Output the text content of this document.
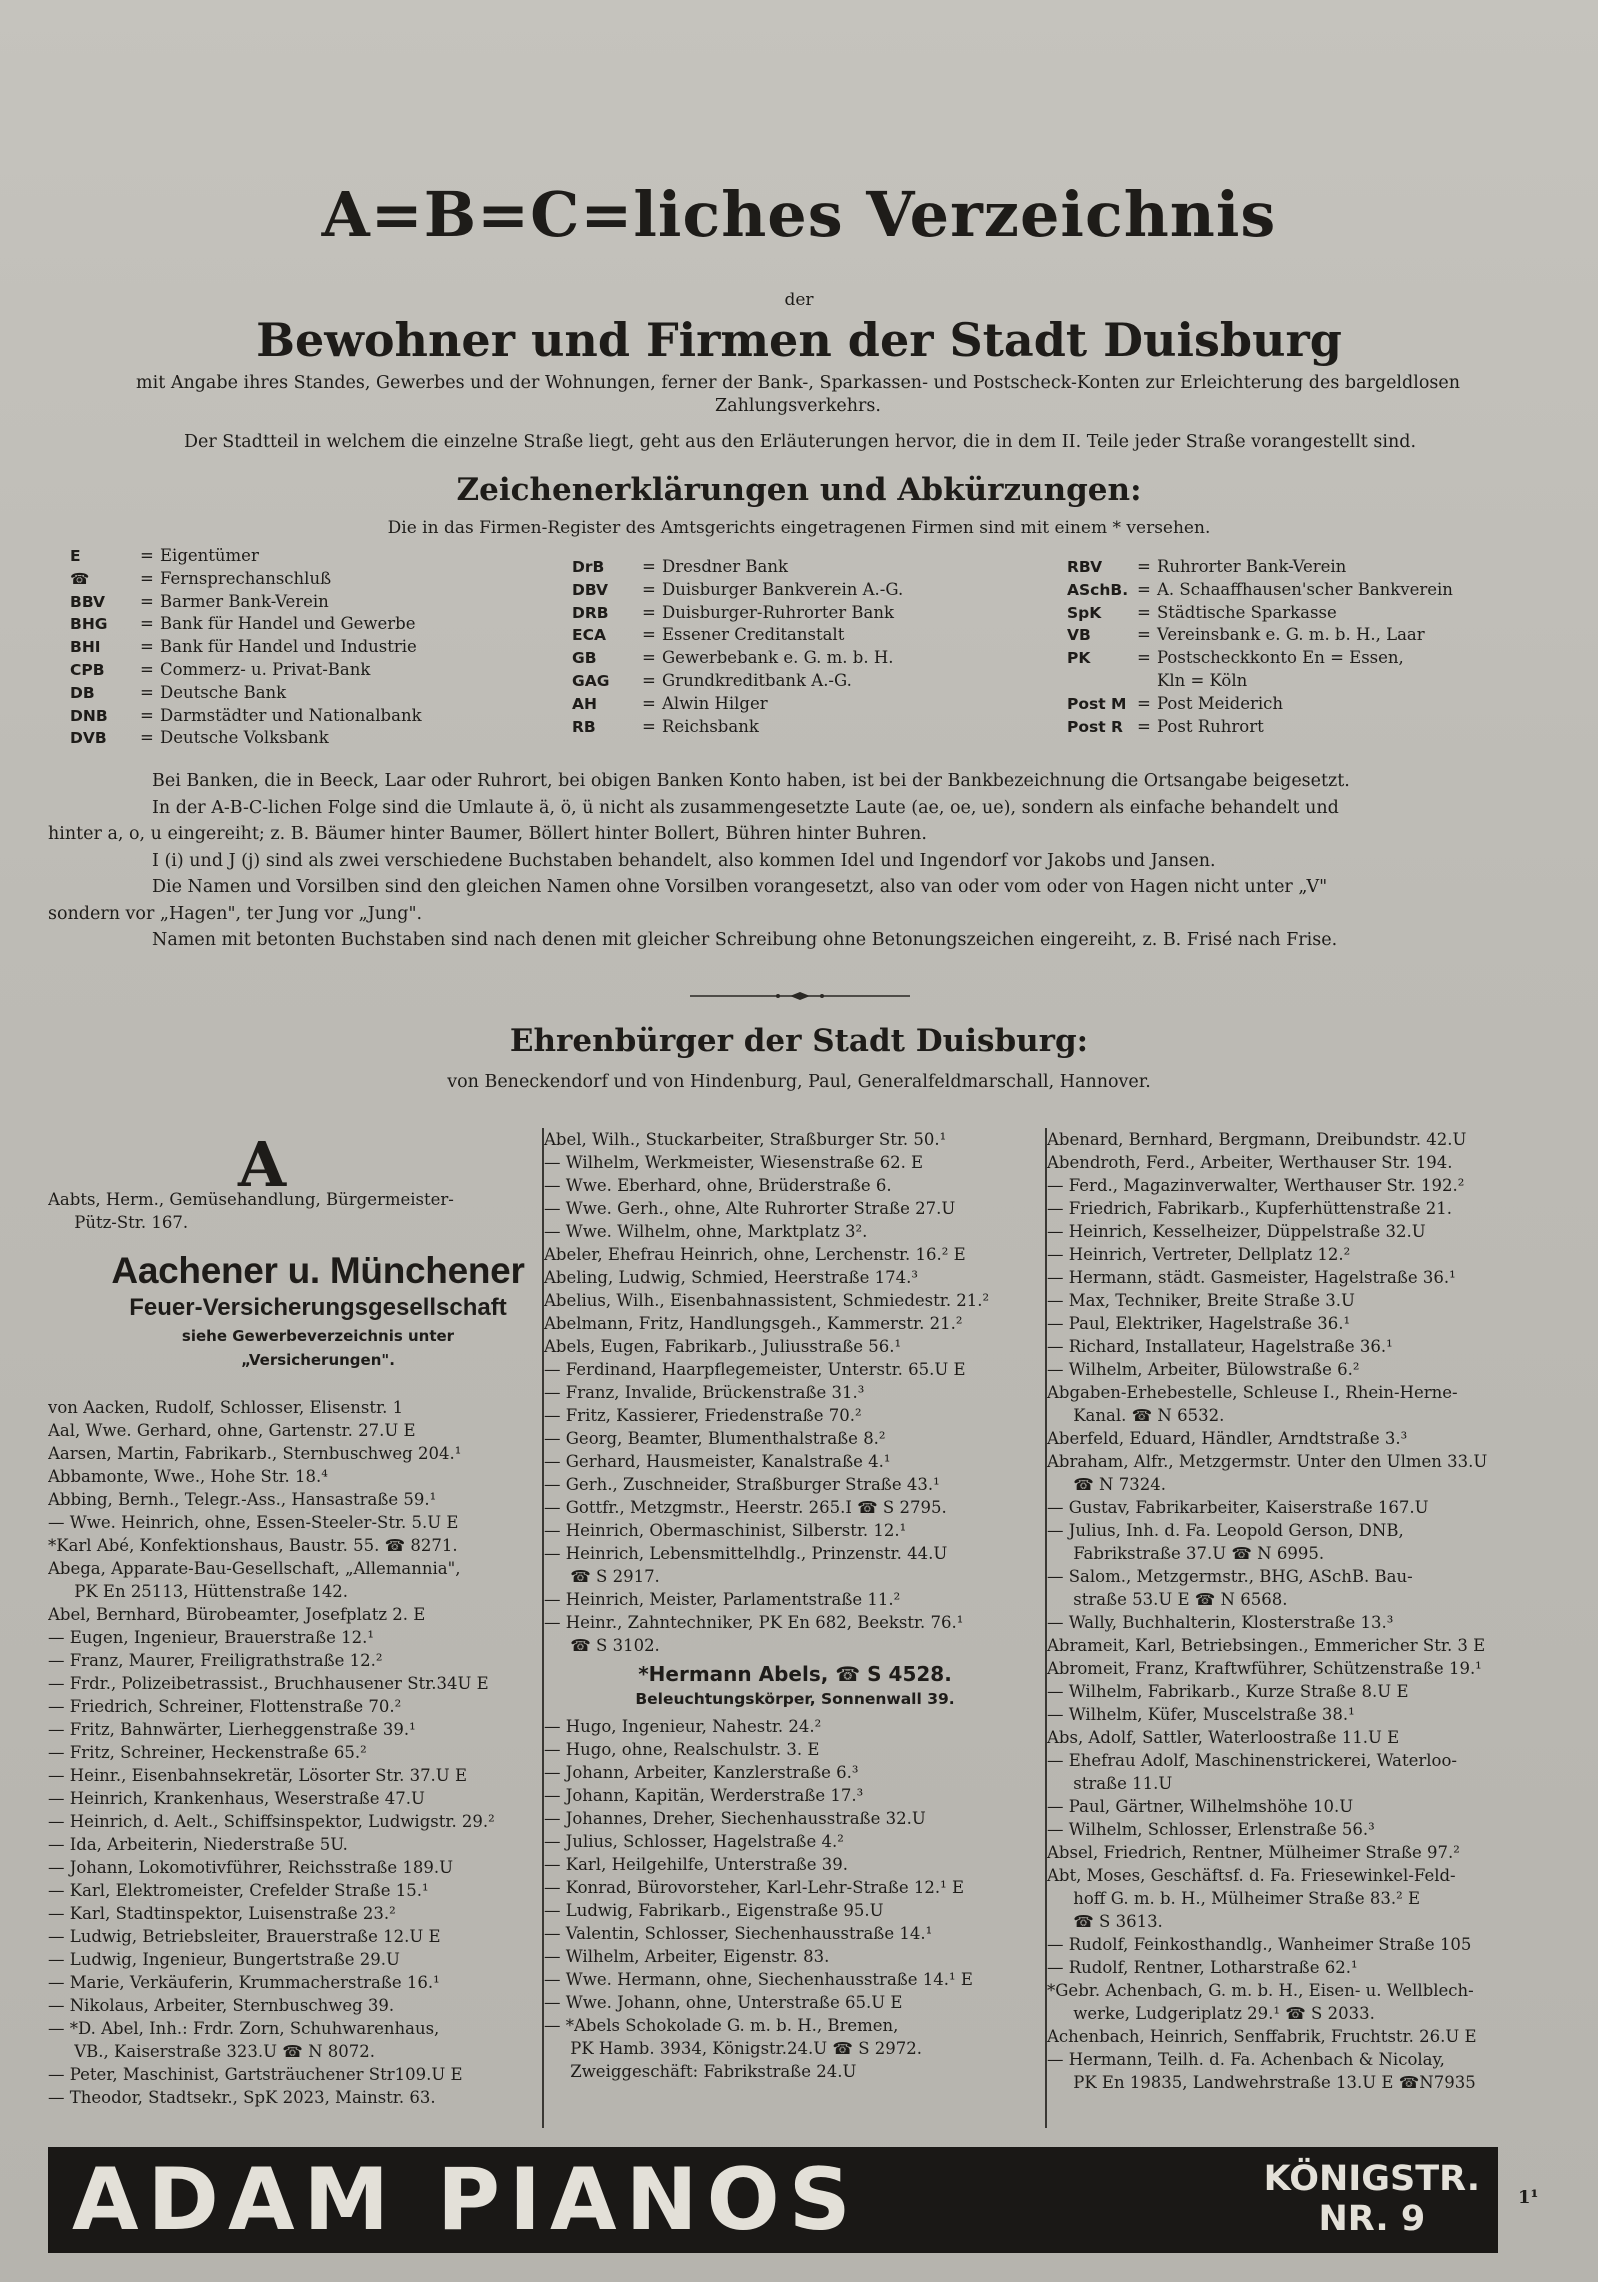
A=B=C=liches Verzeichnis
der
Bewohner und Firmen der Stadt Duisburg
mit Angabe ihres Standes, Gewerbes und der Wohnungen, ferner der Bank-, Sparkassen- und Postscheck-Konten zur Erleichterung des bargeldlosen Zahlungsverkehrs.
Der Stadtteil in welchem die einzelne Straße liegt, geht aus den Erläuterungen hervor, die in dem II. Teile jeder Straße vorangestellt sind.
Zeichenerklärungen und Abkürzungen:
Die in das Firmen-Register des Amtsgerichts eingetragenen Firmen sind mit einem * versehen.
E	= Eigentümer
☎	= Fernsprechanschluß
BBV	= Barmer Bank-Verein
BHG	= Bank für Handel und Gewerbe
BHI	= Bank für Handel und Industrie
CPB	= Commerz- u. Privat-Bank
DB	= Deutsche Bank
DNB	= Darmstädter und Nationalbank
DVB	= Deutsche Volksbank
DrB	= Dresdner Bank
DBV	= Duisburger Bankverein A.-G.
DRB	= Duisburger-Ruhrorter Bank
ECA	= Essener Creditanstalt
GB	= Gewerbebank e. G. m. b. H.
GAG	= Grundkreditbank A.-G.
AH	= Alwin Hilger
RB	= Reichsbank
RBV	= Ruhrorter Bank-Verein
ASchB. = A. Schaaffhausen'scher Bankverein
SpK	= Städtische Sparkasse
VB	= Vereinsbank e. G. m. b. H., Laar
PK	= Postscheckkonto En = Essen,
Kln = Köln
Post M = Post Meiderich
Post R = Post Ruhrort

Bei Banken, die in Beeck, Laar oder Ruhrort, bei obigen Banken Konto haben, ist bei der Bankbezeichnung die Ortsangabe beigesetzt.

In der A-B-C-lichen Folge sind die Umlaute ä, ö, ü nicht als zusammengesetzte Laute (ae, oe, ue), sondern als einfache behandelt und

hinter a, o, u eingereiht; z. B. Bäumer hinter Baumer, Böllert hinter Bollert, Bühren hinter Buhren.

I (i) und J (j) sind als zwei verschiedene Buchstaben behandelt, also kommen Idel und Ingendorf vor Jakobs und Jansen.

Die Namen und Vorsilben sind den gleichen Namen ohne Vorsilben vorangesetzt, also van oder vom oder von Hagen nicht unter „V"

sondern vor „Hagen", ter Jung vor „Jung".

Namen mit betonten Buchstaben sind nach denen mit gleicher Schreibung ohne Betonungszeichen eingereiht, z. B. Frisé nach Frise.

Ehrenbürger der Stadt Duisburg:
von Beneckendorf und von Hindenburg, Paul, Generalfeldmarschall, Hannover.
A
Aabts, Herm., Gemüsehandlung, Bürgermeister-
Pütz-Str. 167.
Aachener u. Münchener
Feuer-Versicherungsgesellschaft
siehe Gewerbeverzeichnis unter
„Versicherungen".
von Aacken, Rudolf, Schlosser, Elisenstr. 1
Aal, Wwe. Gerhard, ohne, Gartenstr. 27.U E
Aarsen, Martin, Fabrikarb., Sternbuschweg 204.¹
Abbamonte, Wwe., Hohe Str. 18.⁴
Abbing, Bernh., Telegr.-Ass., Hansastraße 59.¹
— Wwe. Heinrich, ohne, Essen-Steeler-Str. 5.U E
*Karl Abé, Konfektionshaus, Baustr. 55. ☎ 8271.
Abega, Apparate-Bau-Gesellschaft, „Allemannia",
PK En 25113, Hüttenstraße 142.
Abel, Bernhard, Bürobeamter, Josefplatz 2. E
— Eugen, Ingenieur, Brauerstraße 12.¹
— Franz, Maurer, Freiligrathstraße 12.²
— Frdr., Polizeibetrassist., Bruchhausener Str.34U E
— Friedrich, Schreiner, Flottenstraße 70.²
— Fritz, Bahnwärter, Lierheggenstraße 39.¹
— Fritz, Schreiner, Heckenstraße 65.²
— Heinr., Eisenbahnsekretär, Lösorter Str. 37.U E
— Heinrich, Krankenhaus, Weserstraße 47.U
— Heinrich, d. Aelt., Schiffsinspektor, Ludwigstr. 29.²
— Ida, Arbeiterin, Niederstraße 5U.
— Johann, Lokomotivführer, Reichsstraße 189.U
— Karl, Elektromeister, Crefelder Straße 15.¹
— Karl, Stadtinspektor, Luisenstraße 23.²
— Ludwig, Betriebsleiter, Brauerstraße 12.U E
— Ludwig, Ingenieur, Bungertstraße 29.U
— Marie, Verkäuferin, Krummacherstraße 16.¹
— Nikolaus, Arbeiter, Sternbuschweg 39.
— *D. Abel, Inh.: Frdr. Zorn, Schuhwarenhaus,
VB., Kaiserstraße 323.U ☎ N 8072.
— Peter, Maschinist, Gartsträuchener Str109.U E
— Theodor, Stadtsekr., SpK 2023, Mainstr. 63.
Abel, Wilh., Stuckarbeiter, Straßburger Str. 50.¹
— Wilhelm, Werkmeister, Wiesenstraße 62. E
— Wwe. Eberhard, ohne, Brüderstraße 6.
— Wwe. Gerh., ohne, Alte Ruhrorter Straße 27.U
— Wwe. Wilhelm, ohne, Marktplatz 3².
Abeler, Ehefrau Heinrich, ohne, Lerchenstr. 16.² E
Abeling, Ludwig, Schmied, Heerstraße 174.³
Abelius, Wilh., Eisenbahnassistent, Schmiedestr. 21.²
Abelmann, Fritz, Handlungsgeh., Kammerstr. 21.²
Abels, Eugen, Fabrikarb., Juliusstraße 56.¹
— Ferdinand, Haarpflegemeister, Unterstr. 65.U E
— Franz, Invalide, Brückenstraße 31.³
— Fritz, Kassierer, Friedenstraße 70.²
— Georg, Beamter, Blumenthalstraße 8.²
— Gerhard, Hausmeister, Kanalstraße 4.¹
— Gerh., Zuschneider, Straßburger Straße 43.¹
— Gottfr., Metzgmstr., Heerstr. 265.I ☎ S 2795.
— Heinrich, Obermaschinist, Silberstr. 12.¹
— Heinrich, Lebensmittelhdlg., Prinzenstr. 44.U
☎ S 2917.
— Heinrich, Meister, Parlamentstraße 11.²
— Heinr., Zahntechniker, PK En 682, Beekstr. 76.¹
☎ S 3102.
*Hermann Abels, ☎ S 4528.
Beleuchtungskörper, Sonnenwall 39.
— Hugo, Ingenieur, Nahestr. 24.²
— Hugo, ohne, Realschulstr. 3. E
— Johann, Arbeiter, Kanzlerstraße 6.³
— Johann, Kapitän, Werderstraße 17.³
— Johannes, Dreher, Siechenhausstraße 32.U
— Julius, Schlosser, Hagelstraße 4.²
— Karl, Heilgehilfe, Unterstraße 39.
— Konrad, Bürovorsteher, Karl-Lehr-Straße 12.¹ E
— Ludwig, Fabrikarb., Eigenstraße 95.U
— Valentin, Schlosser, Siechenhausstraße 14.¹
— Wilhelm, Arbeiter, Eigenstr. 83.
— Wwe. Hermann, ohne, Siechenhausstraße 14.¹ E
— Wwe. Johann, ohne, Unterstraße 65.U E
— *Abels Schokolade G. m. b. H., Bremen,
PK Hamb. 3934, Königstr.24.U ☎ S 2972.
Zweiggeschäft: Fabrikstraße 24.U
Abenard, Bernhard, Bergmann, Dreibundstr. 42.U
Abendroth, Ferd., Arbeiter, Werthauser Str. 194.
— Ferd., Magazinverwalter, Werthauser Str. 192.²
— Friedrich, Fabrikarb., Kupferhüttenstraße 21.
— Heinrich, Kesselheizer, Düppelstraße 32.U
— Heinrich, Vertreter, Dellplatz 12.²
— Hermann, städt. Gasmeister, Hagelstraße 36.¹
— Max, Techniker, Breite Straße 3.U
— Paul, Elektriker, Hagelstraße 36.¹
— Richard, Installateur, Hagelstraße 36.¹
— Wilhelm, Arbeiter, Bülowstraße 6.²
Abgaben-Erhebestelle, Schleuse I., Rhein-Herne-
Kanal. ☎ N 6532.
Aberfeld, Eduard, Händler, Arndtstraße 3.³
Abraham, Alfr., Metzgermstr. Unter den Ulmen 33.U
☎ N 7324.
— Gustav, Fabrikarbeiter, Kaiserstraße 167.U
— Julius, Inh. d. Fa. Leopold Gerson, DNB,
Fabrikstraße 37.U ☎ N 6995.
— Salom., Metzgermstr., BHG, ASchB. Bau-
straße 53.U E ☎ N 6568.
— Wally, Buchhalterin, Klosterstraße 13.³
Abrameit, Karl, Betriebsingen., Emmericher Str. 3 E
Abromeit, Franz, Kraftwführer, Schützenstraße 19.¹
— Wilhelm, Fabrikarb., Kurze Straße 8.U E
— Wilhelm, Küfer, Muscelstraße 38.¹
Abs, Adolf, Sattler, Waterloostraße 11.U E
— Ehefrau Adolf, Maschinenstrickerei, Waterloo-
straße 11.U
— Paul, Gärtner, Wilhelmshöhe 10.U
— Wilhelm, Schlosser, Erlenstraße 56.³
Absel, Friedrich, Rentner, Mülheimer Straße 97.²
Abt, Moses, Geschäftsf. d. Fa. Friesewinkel-Feld-
hoff G. m. b. H., Mülheimer Straße 83.² E
☎ S 3613.
— Rudolf, Feinkosthandlg., Wanheimer Straße 105
— Rudolf, Rentner, Lotharstraße 62.¹
*Gebr. Achenbach, G. m. b. H., Eisen- u. Wellblech-
werke, Ludgeriplatz 29.¹ ☎ S 2033.
Achenbach, Heinrich, Senffabrik, Fruchtstr. 26.U E
— Hermann, Teilh. d. Fa. Achenbach & Nicolay,
PK En 19835, Landwehrstraße 13.U E ☎N7935
ADAM PIANOS	KÖNIGSTR.
NR. 9
1¹
